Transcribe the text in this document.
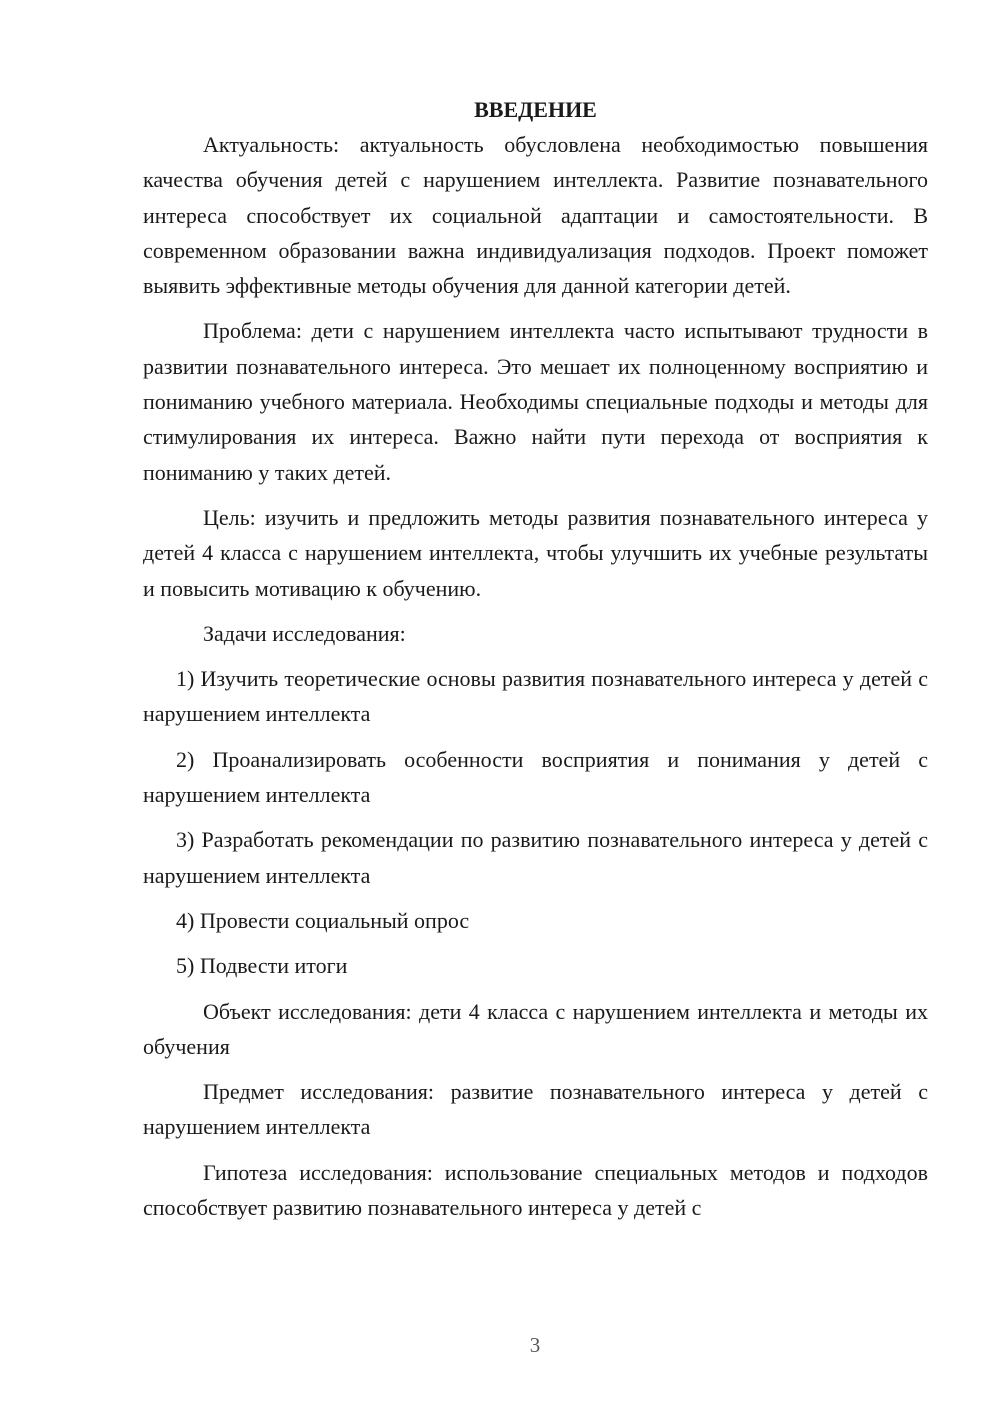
ВВЕДЕНИЕ

Актуальность: актуальность обусловлена необходимостью повышения качества обучения детей с нарушением интеллекта. Развитие познавательного интереса способствует их социальной адаптации и самостоятельности. В современном образовании важна индивидуализация подходов. Проект поможет выявить эффективные методы обучения для данной категории детей.

Проблема: дети с нарушением интеллекта часто испытывают трудности в развитии познавательного интереса. Это мешает их полноценному восприятию и пониманию учебного материала. Необходимы специальные подходы и методы для стимулирования их интереса. Важно найти пути перехода от восприятия к пониманию у таких детей.

Цель: изучить и предложить методы развития познавательного интереса у детей 4 класса с нарушением интеллекта, чтобы улучшить их учебные результаты и повысить мотивацию к обучению.

Задачи исследования:

1) Изучить теоретические основы развития познавательного интереса у детей с нарушением интеллекта

2) Проанализировать особенности восприятия и понимания у детей с нарушением интеллекта

3) Разработать рекомендации по развитию познавательного интереса у детей с нарушением интеллекта

4) Провести социальный опрос

5) Подвести итоги

Объект исследования: дети 4 класса с нарушением интеллекта и методы их обучения

Предмет исследования: развитие познавательного интереса у детей с нарушением интеллекта

Гипотеза исследования: использование специальных методов и подходов способствует развитию познавательного интереса у детей с

3
